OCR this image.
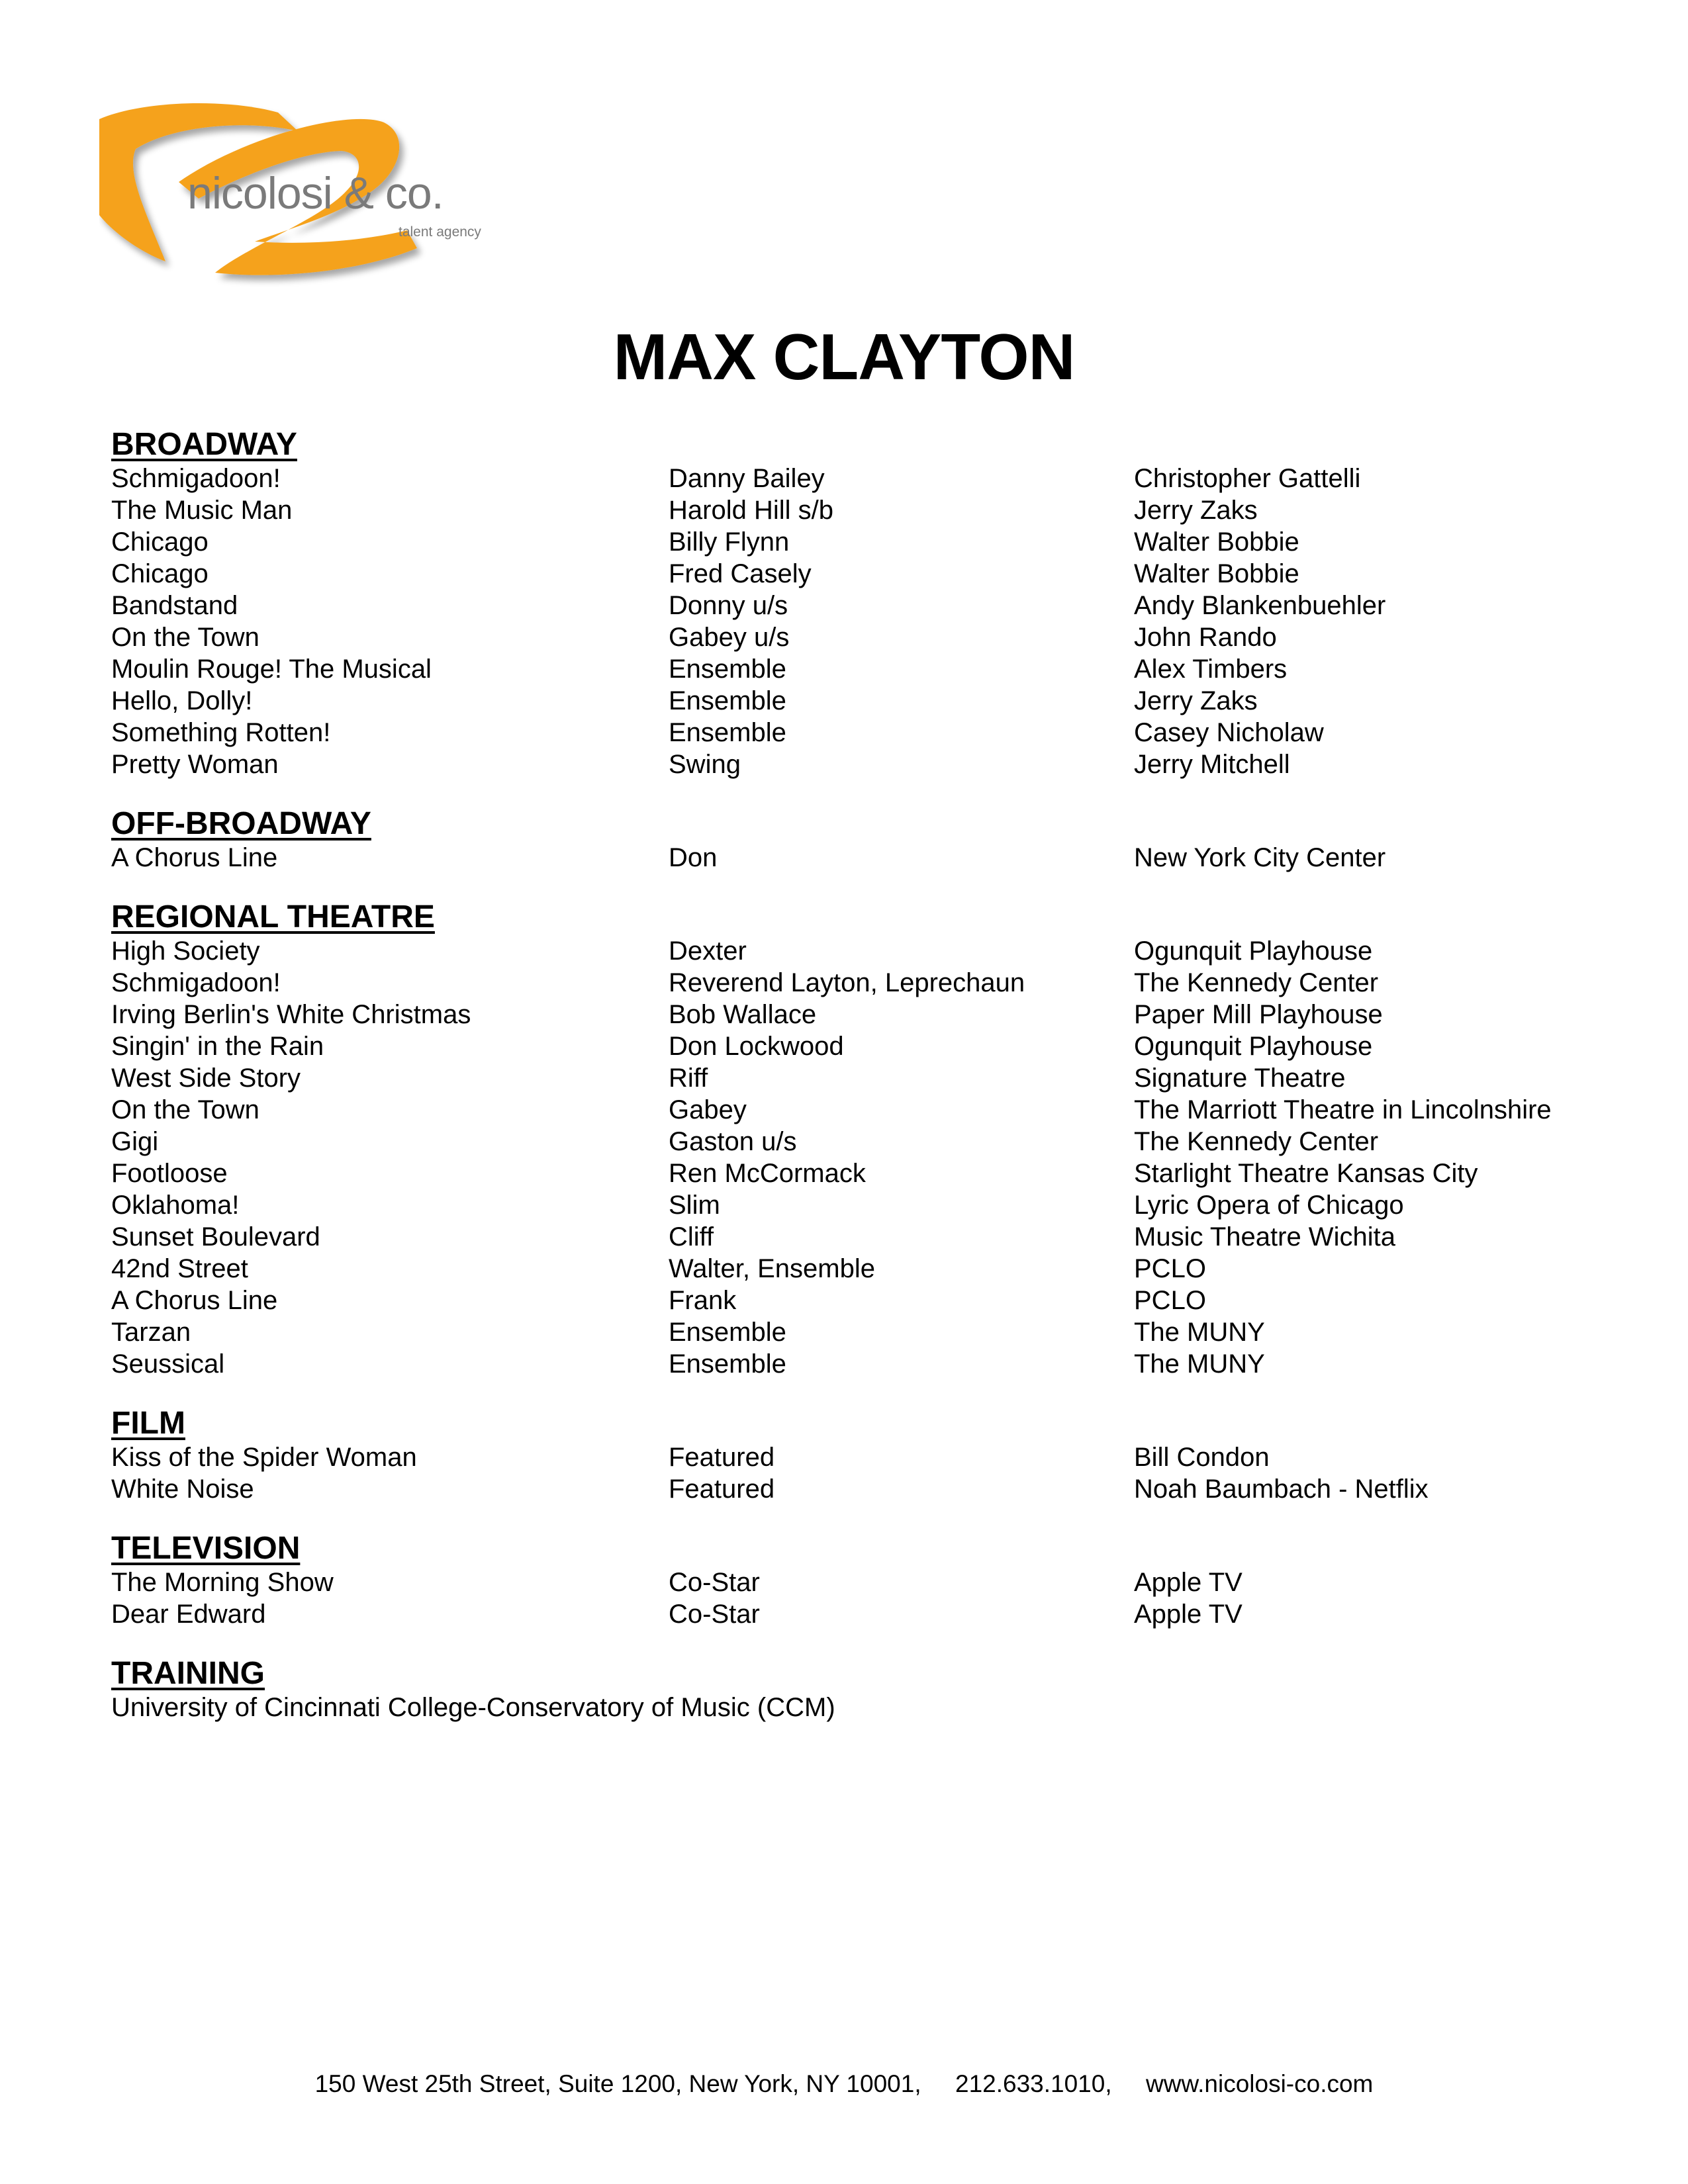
nicolosi & co.
talent agency
MAX CLAYTON
BROADWAY
Schmigadoon!	Danny Bailey	Christopher Gattelli
The Music Man	Harold Hill s/b	Jerry Zaks
Chicago	Billy Flynn	Walter Bobbie
Chicago	Fred Casely	Walter Bobbie
Bandstand	Donny u/s	Andy Blankenbuehler
On the Town	Gabey u/s	John Rando
Moulin Rouge! The Musical	Ensemble	Alex Timbers
Hello, Dolly!	Ensemble	Jerry Zaks
Something Rotten!	Ensemble	Casey Nicholaw
Pretty Woman	Swing	Jerry Mitchell
OFF-BROADWAY
A Chorus Line	Don	New York City Center
REGIONAL THEATRE
High Society	Dexter	Ogunquit Playhouse
Schmigadoon!	Reverend Layton, Leprechaun	The Kennedy Center
Irving Berlin's White Christmas	Bob Wallace	Paper Mill Playhouse
Singin' in the Rain	Don Lockwood	Ogunquit Playhouse
West Side Story	Riff	Signature Theatre
On the Town	Gabey	The Marriott Theatre in Lincolnshire
Gigi	Gaston u/s	The Kennedy Center
Footloose	Ren McCormack	Starlight Theatre Kansas City
Oklahoma!	Slim	Lyric Opera of Chicago
Sunset Boulevard	Cliff	Music Theatre Wichita
42nd Street	Walter, Ensemble	PCLO
A Chorus Line	Frank	PCLO
Tarzan	Ensemble	The MUNY
Seussical	Ensemble	The MUNY
FILM
Kiss of the Spider Woman	Featured	Bill Condon
White Noise	Featured	Noah Baumbach - Netflix
TELEVISION
The Morning Show	Co-Star	Apple TV
Dear Edward	Co-Star	Apple TV
TRAINING
University of Cincinnati College-Conservatory of Music (CCM)
150 West 25th Street, Suite 1200, New York, NY 10001,     212.633.1010,     www.nicolosi-co.com
